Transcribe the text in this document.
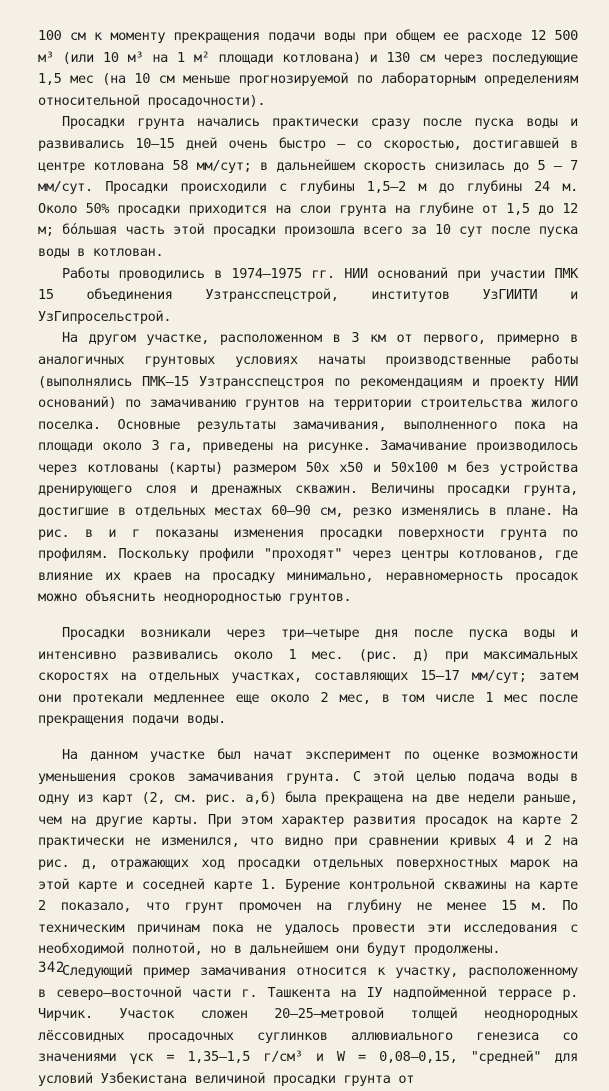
100 см к моменту прекращения подачи воды при общем ее расходе 12 500 м³ (или 10 м³ на 1 м² площади котлована) и 130 см через последующие 1,5 мес (на 10 см меньше прогнозируемой по лабораторным определениям относительной просадочности).

Просадки грунта начались практически сразу после пуска воды и развивались 10–15 дней очень быстро – со скоростью, достигавшей в центре котлована 58 мм/сут; в дальнейшем скорость снизилась до 5 – 7 мм/сут. Просадки происходили с глубины 1,5–2 м до глубины 24 м. Около 50% просадки приходится на слои грунта на глубине от 1,5 до 12 м; бо́льшая часть этой просадки произошла всего за 10 сут после пуска воды в котлован.

Работы проводились в 1974–1975 гг. НИИ оснований при участии ПМК 15 объединения Узтрансспецстрой, институтов УзГИИТИ и УзГипросельстрой.

На другом участке, расположенном в 3 км от первого, примерно в аналогичных грунтовых условиях начаты производственные работы (выполнялись ПМК–15 Узтрансспецстроя по рекомендациям и проекту НИИ оснований) по замачиванию грунтов на территории строительства жилого поселка. Основные результаты замачивания, выполненного пока на площади около 3 га, приведены на рисунке. Замачивание производилось через котлованы (карты) размером 50х х50 и 50х100 м без устройства дренирующего слоя и дренажных скважин. Величины просадки грунта, достигшие в отдельных местах 60–90 см, резко изменялись в плане. На рис. в и г показаны изменения просадки поверхности грунта по профилям. Поскольку профили "проходят" через центры котлованов, где влияние их краев на просадку минимально, неравномерность просадок можно объяснить неоднородностью грунтов.

Просадки возникали через три–четыре дня после пуска воды и интенсивно развивались около 1 мес. (рис. д) при максимальных скоростях на отдельных участках, составляющих 15–17 мм/сут; затем они протекали медленнее еще около 2 мес, в том числе 1 мес после прекращения подачи воды.

На данном участке был начат эксперимент по оценке возможности уменьшения сроков замачивания грунта. С этой целью подача воды в одну из карт (2, см. рис. а,б) была прекращена на две недели раньше, чем на другие карты. При этом характер развития просадок на карте 2 практически не изменился, что видно при сравнении кривых 4 и 2 на рис. д, отражающих ход просадки отдельных поверхностных марок на этой карте и соседней карте 1. Бурение контрольной скважины на карте 2 показало, что грунт промочен на глубину не менее 15 м. По техническим причинам пока не удалось провести эти исследования с необходимой полнотой, но в дальнейшем они будут продолжены.

Следующий пример замачивания относится к участку, расположенному в северо–восточной части г. Ташкента на IУ надпойменной террасе р. Чирчик. Участок сложен 20–25–метровой толщей неоднородных лёссовидных просадочных суглинков аллювиального генезиса со значениями γск = 1,35–1,5 г/см³ и W = 0,08–0,15, "средней" для условий Узбекистана величиной просадки грунта от

342
